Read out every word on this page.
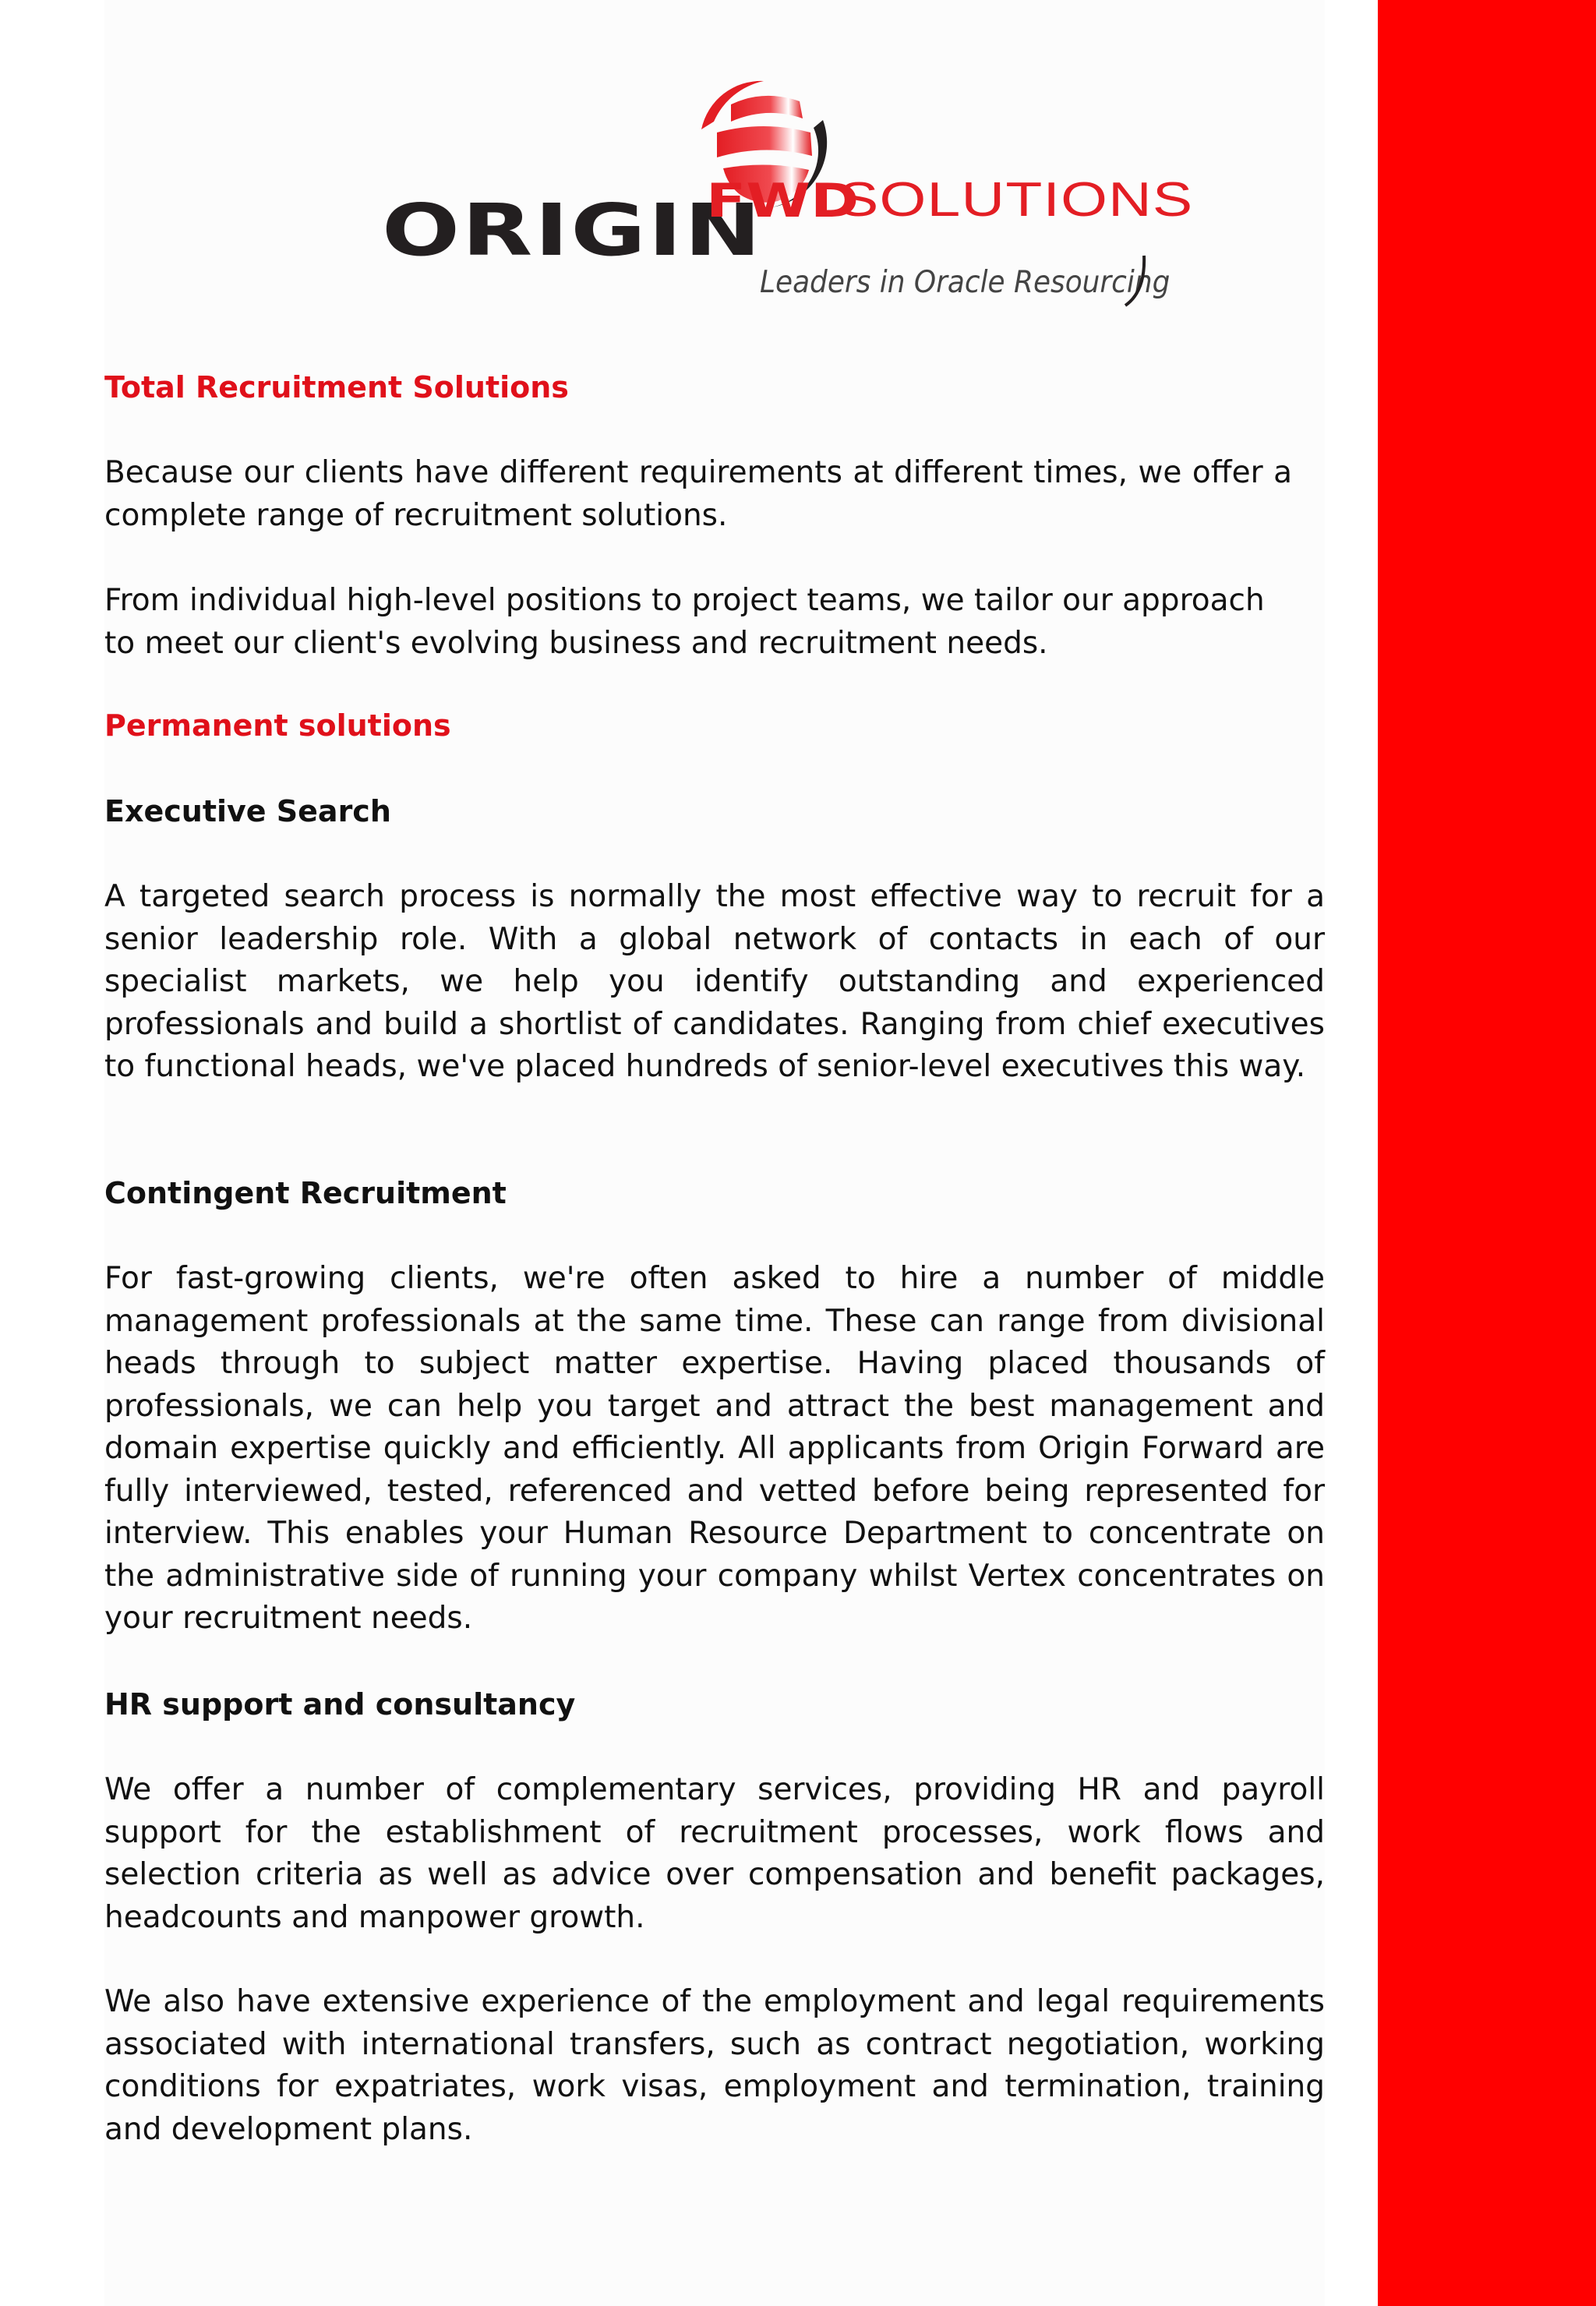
ORIGIN
FWD
SOLUTIONS
Leaders in Oracle Resourcing
Total Recruitment Solutions

Because our clients have different requirements at different times, we offer a complete range of recruitment solutions.

From individual high-level positions to project teams, we tailor our approach to meet our client's evolving business and recruitment needs.

Permanent solutions
Executive Search

A targeted search process is normally the most effective way to recruit for a senior leadership role. With a global network of contacts in each of our specialist markets, we help you identify outstanding and experienced professionals and build a shortlist of candidates. Ranging from chief executives to functional heads, we've placed hundreds of senior-level executives this way.

Contingent Recruitment

For fast-growing clients, we're often asked to hire a number of middle management professionals at the same time. These can range from divisional heads through to subject matter expertise. Having placed thousands of professionals, we can help you target and attract the best management and domain expertise quickly and efficiently. All applicants from Origin Forward are fully interviewed, tested, referenced and vetted before being represented for interview. This enables your Human Resource Department to concentrate on the administrative side of running your company whilst Vertex concentrates on your recruitment needs.

HR support and consultancy

We offer a number of complementary services, providing HR and payroll support for the establishment of recruitment processes, work flows and selection criteria as well as advice over compensation and benefit packages, headcounts and manpower growth.

We also have extensive experience of the employment and legal requirements associated with international transfers, such as contract negotiation, working conditions for expatriates, work visas, employment and termination, training and development plans.
